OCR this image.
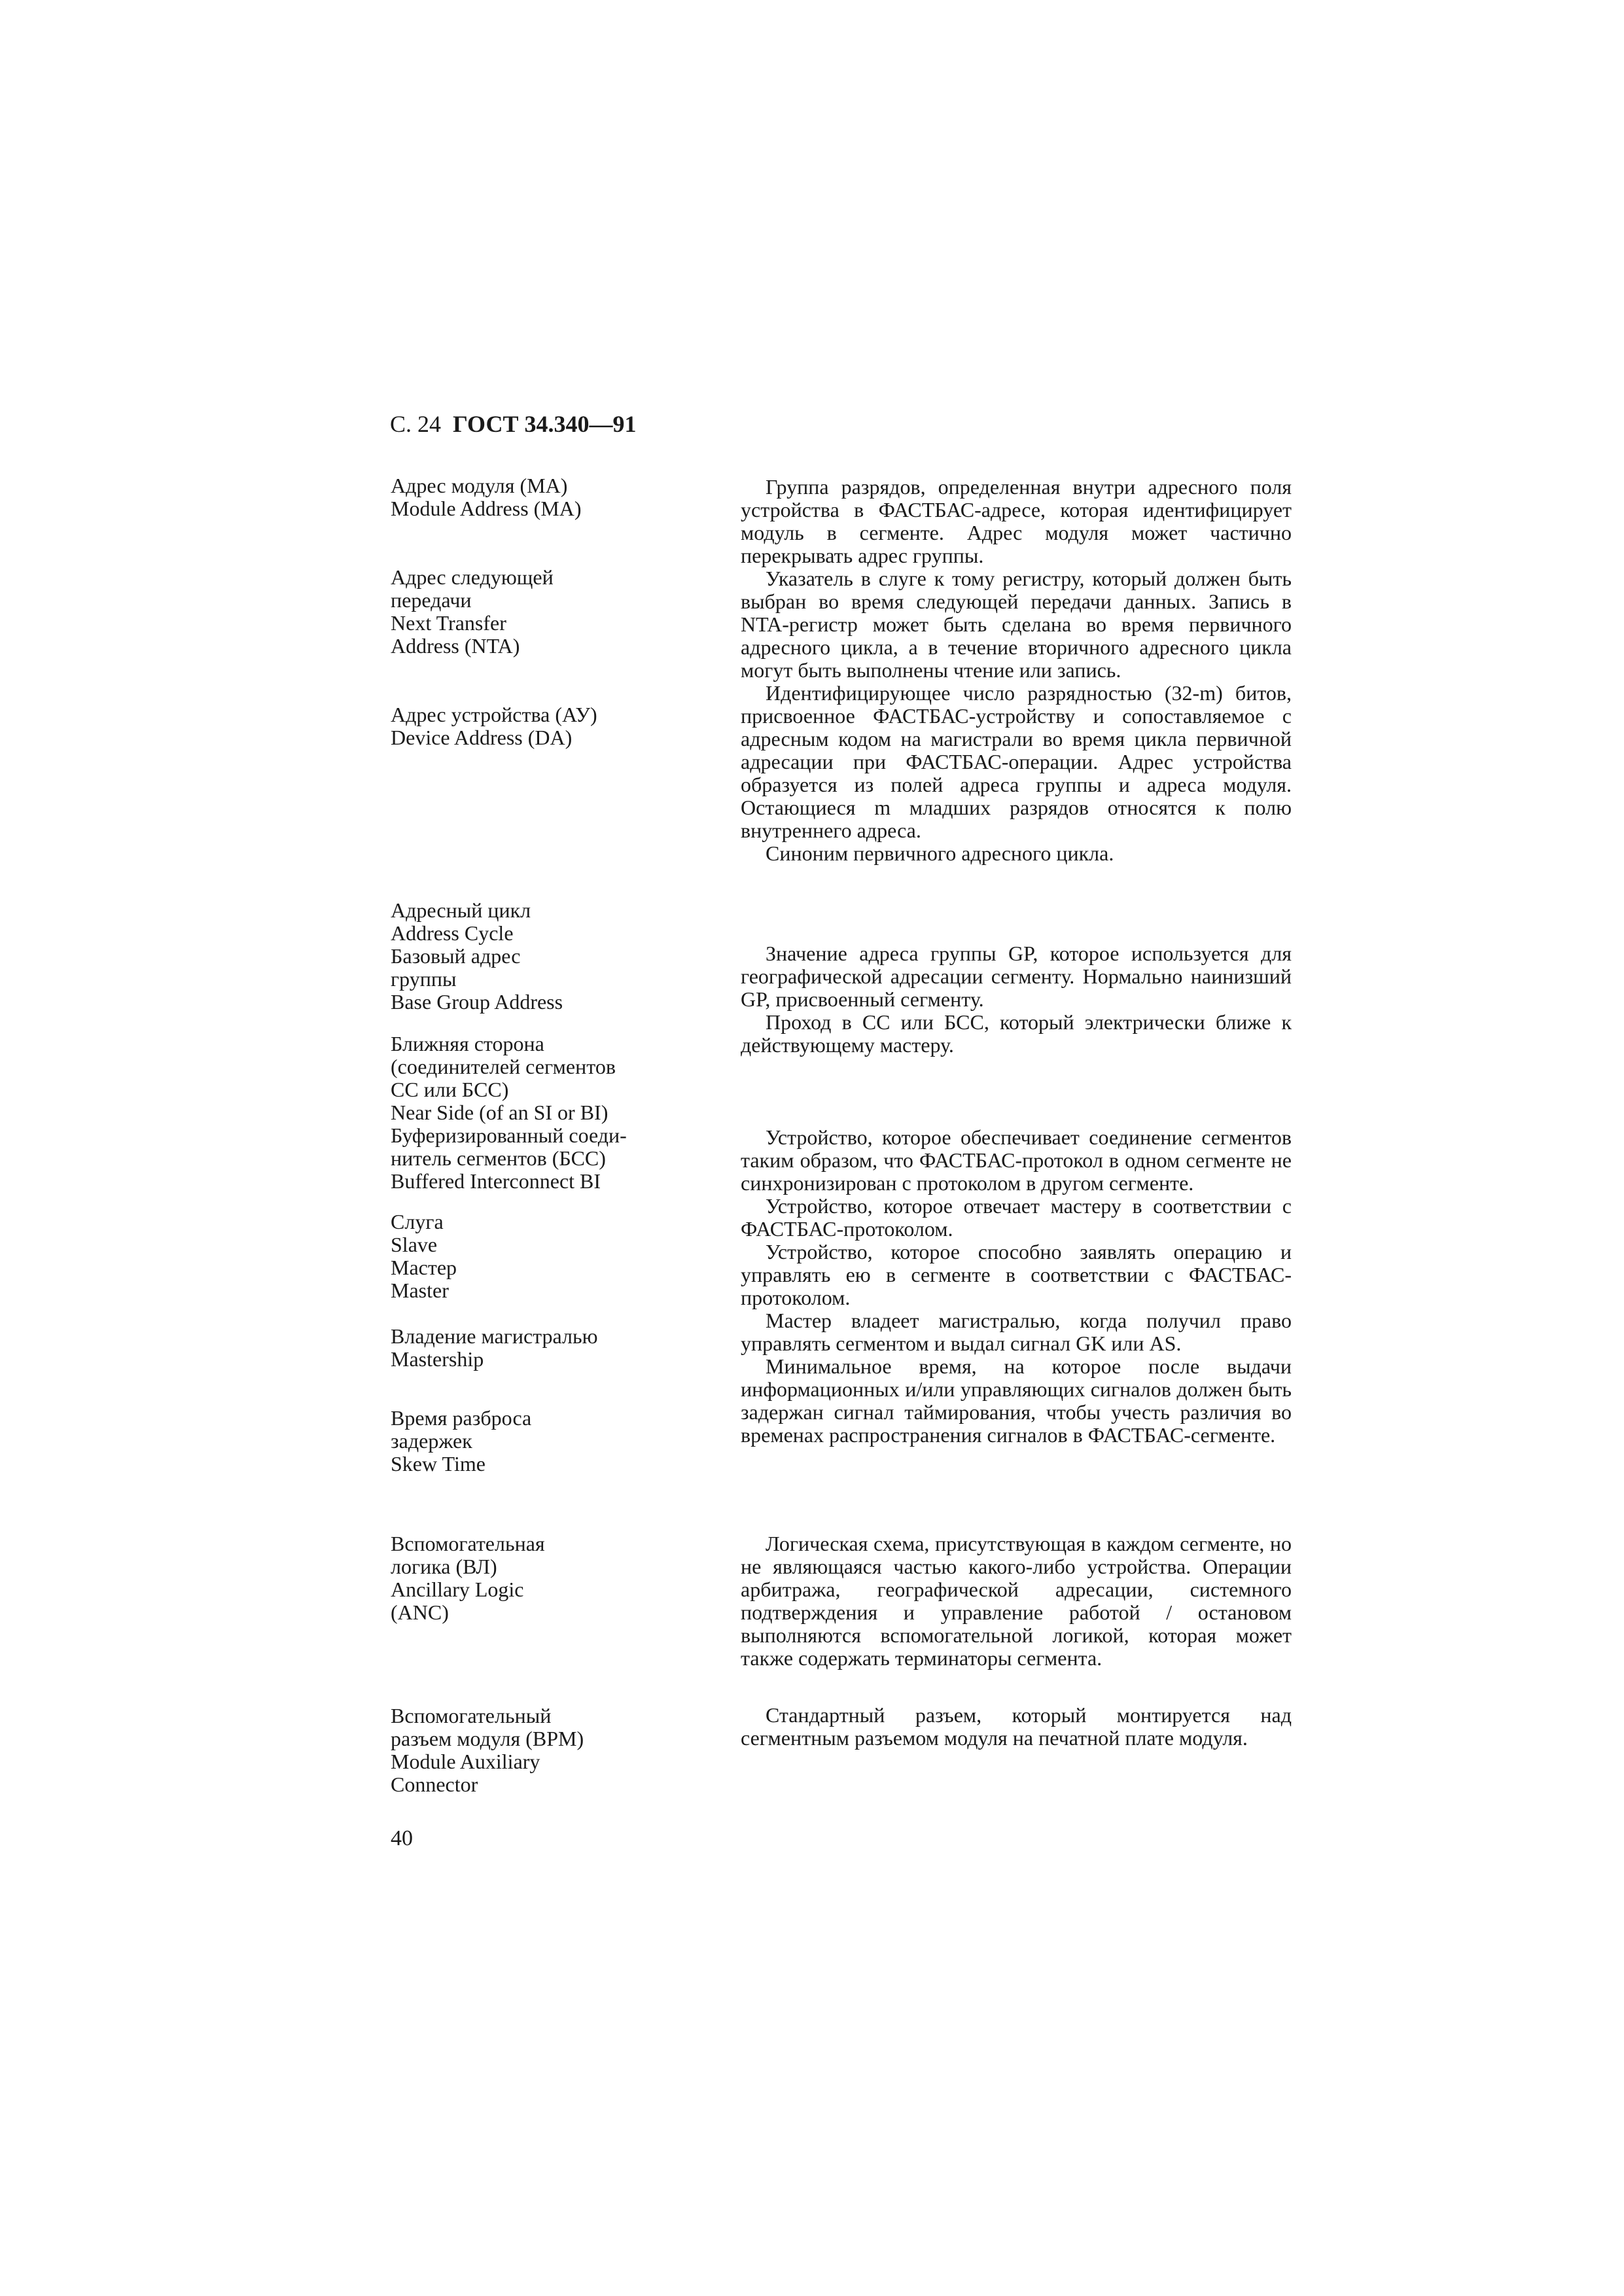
С. 24 ГОСТ 34.340—91
Адрес модуля (МА)
Module Address (MA)
Адрес следующей
передачи
Next Transfer
Address (NTA)
Адрес устройства (АУ)
Device Address (DA)
Адресный цикл
Address Cycle
Базовый адрес
группы
Base Group Address
Ближняя сторона
(соединителей сегментов
СС или БСС)
Near Side (of an SI or BI)
Буферизированный соеди-
нитель сегментов (БСС)
Buffered Interconnect BI
Слуга
Slave
Мастер
Master
Владение магистралью
Mastership
Время разброса
задержек
Skew Time
Вспомогательная
логика (ВЛ)
Ancillary Logic
(ANC)
Вспомогательный
разъем модуля (ВРМ)
Module Auxiliary
Connector

Группа разрядов, определенная внутри адресного поля устройства в ФАСТБАС-адресе, которая идентифицирует модуль в сегменте. Адрес модуля может частично перекрывать адрес группы.

Указатель в слуге к тому регистру, который должен быть выбран во время следующей передачи данных. Запись в NTA-регистр может быть сделана во время первичного адресного цикла, а в течение вторичного адресного цикла могут быть выполнены чтение или запись.

Идентифицирующее число разрядностью (32-m) битов, присвоенное ФАСТБАС-устройству и сопоставляемое с адресным кодом на магистрали во время цикла первичной адресации при ФАСТБАС-операции. Адрес устройства образуется из полей адреса группы и адреса модуля. Остающиеся m младших разрядов относятся к полю внутреннего адреса.

Синоним первичного адресного цикла.

Значение адреса группы GP, которое используется для географической адресации сегменту. Нормально наинизший GP, присвоенный сегменту.

Проход в СС или БСС, который электрически ближе к действующему мастеру.

Устройство, которое обеспечивает соединение сегментов таким образом, что ФАСТБАС-протокол в одном сегменте не синхронизирован с протоколом в другом сегменте.

Устройство, которое отвечает мастеру в соответствии с ФАСТБАС-протоколом.

Устройство, которое способно заявлять операцию и управлять ею в сегменте в соответствии с ФАСТБАС-протоколом.

Мастер владеет магистралью, когда получил право управлять сегментом и выдал сигнал GK или AS.

Минимальное время, на которое после выдачи информационных и/или управляющих сигналов должен быть задержан сигнал таймирования, чтобы учесть различия во временах распространения сигналов в ФАСТБАС-сегменте.

Логическая схема, присутствующая в каждом сегменте, но не являющаяся частью какого-либо устройства. Операции арбитража, географической адресации, системного подтверждения и управление работой / остановом выполняются вспомогательной логикой, которая может также содержать терминаторы сегмента.

Стандартный разъем, который монтируется над сегментным разъемом модуля на печатной плате модуля.

40
